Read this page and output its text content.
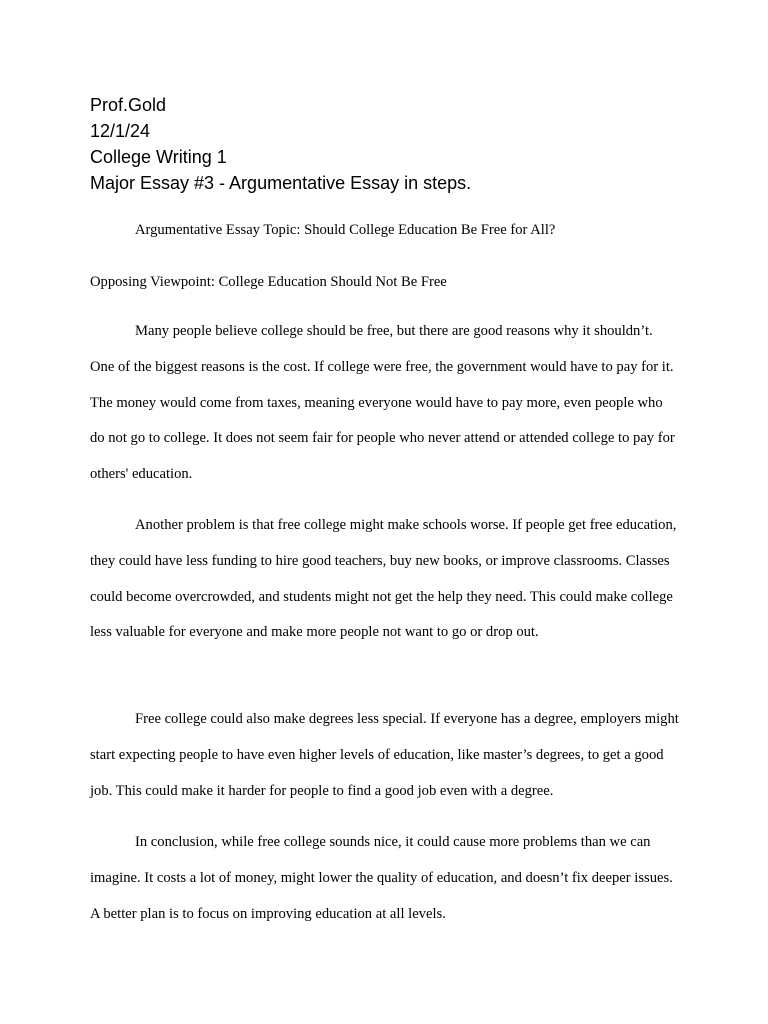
Prof.Gold
12/1/24
College Writing 1
Major Essay #3 - Argumentative Essay in steps.
Argumentative Essay Topic: Should College Education Be Free for All?
Opposing Viewpoint: College Education Should Not Be Free

Many people believe college should be free, but there are good reasons why it shouldn’t. One of the biggest reasons is the cost. If college were free, the government would have to pay for it. The money would come from taxes, meaning everyone would have to pay more, even people who do not go to college. It does not seem fair for people who never attend or attended college to pay for others' education.

Another problem is that free college might make schools worse. If people get free education, they could have less funding to hire good teachers, buy new books, or improve classrooms. Classes could become overcrowded, and students might not get the help they need. This could make college less valuable for everyone and make more people not want to go or drop out.

Free college could also make degrees less special. If everyone has a degree, employers might start expecting people to have even higher levels of education, like master’s degrees, to get a good job. This could make it harder for people to find a good job even with a degree.

In conclusion, while free college sounds nice, it could cause more problems than we can imagine. It costs a lot of money, might lower the quality of education, and doesn’t fix deeper issues. A better plan is to focus on improving education at all levels.
